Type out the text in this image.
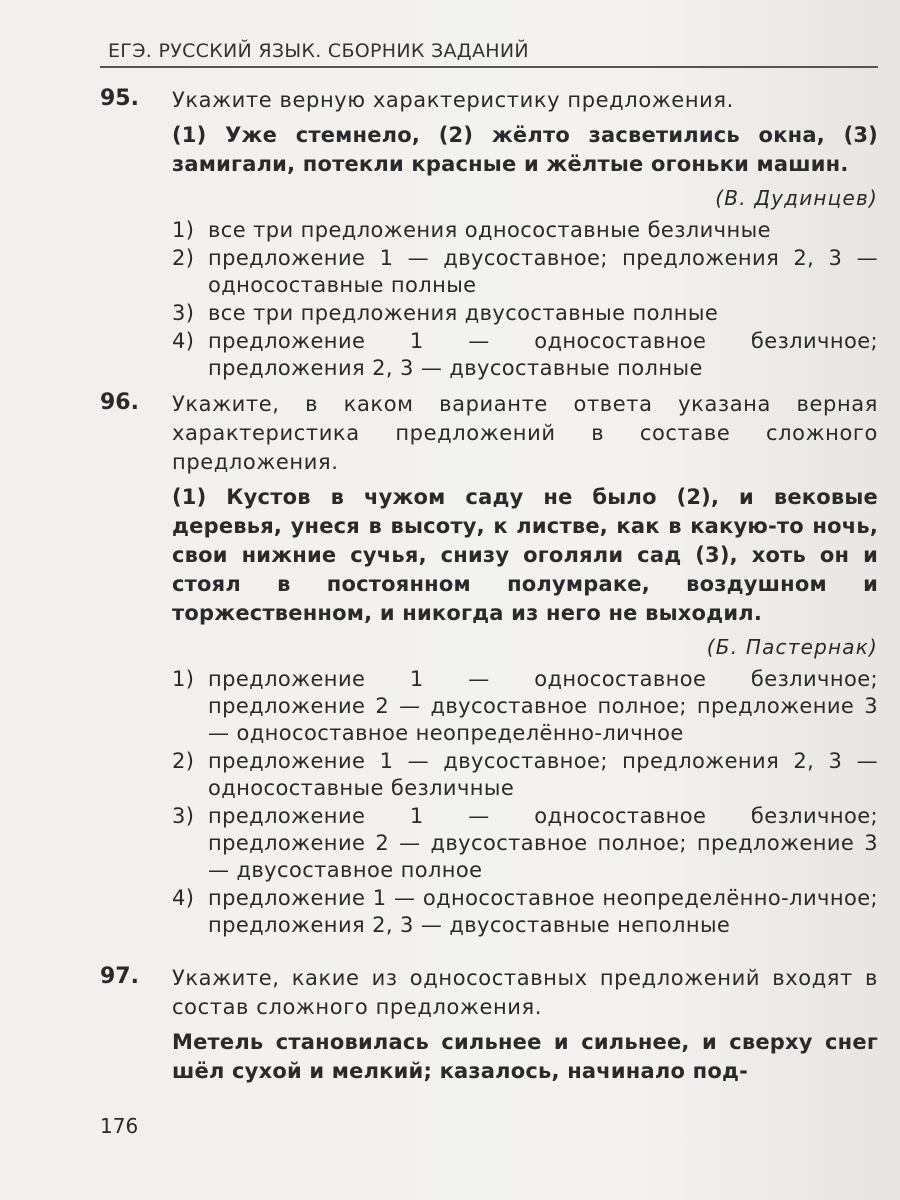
ЕГЭ. РУССКИЙ ЯЗЫК. СБОРНИК ЗАДАНИЙ
95. Укажите верную характеристику предложения.
(1) Уже стемнело, (2) жёлто засветились окна, (3) замигали, потекли красные и жёлтые огоньки машин.
(В. Дудинцев)
1) все три предложения односоставные безличные
2) предложение 1 — двусоставное; предложения 2, 3 — односоставные полные
3) все три предложения двусоставные полные
4) предложение 1 — односоставное безличное; предложения 2, 3 — двусоставные полные
96. Укажите, в каком варианте ответа указана верная характеристика предложений в составе сложного предложения.
(1) Кустов в чужом саду не было (2), и вековые деревья, унеся в высоту, к листве, как в какую-то ночь, свои нижние сучья, снизу оголяли сад (3), хоть он и стоял в постоянном полумраке, воздушном и торжественном, и никогда из него не выходил.
(Б. Пастернак)
1) предложение 1 — односоставное безличное; предложение 2 — двусоставное полное; предложение 3 — односоставное неопределённо-личное
2) предложение 1 — двусоставное; предложения 2, 3 — односоставные безличные
3) предложение 1 — односоставное безличное; предложение 2 — двусоставное полное; предложение 3 — двусоставное полное
4) предложение 1 — односоставное неопределённо-личное; предложения 2, 3 — двусоставные неполные
97. Укажите, какие из односоставных предложений входят в состав сложного предложения.
Метель становилась сильнее и сильнее, и сверху снег шёл сухой и мелкий; казалось, начинало под-
176
